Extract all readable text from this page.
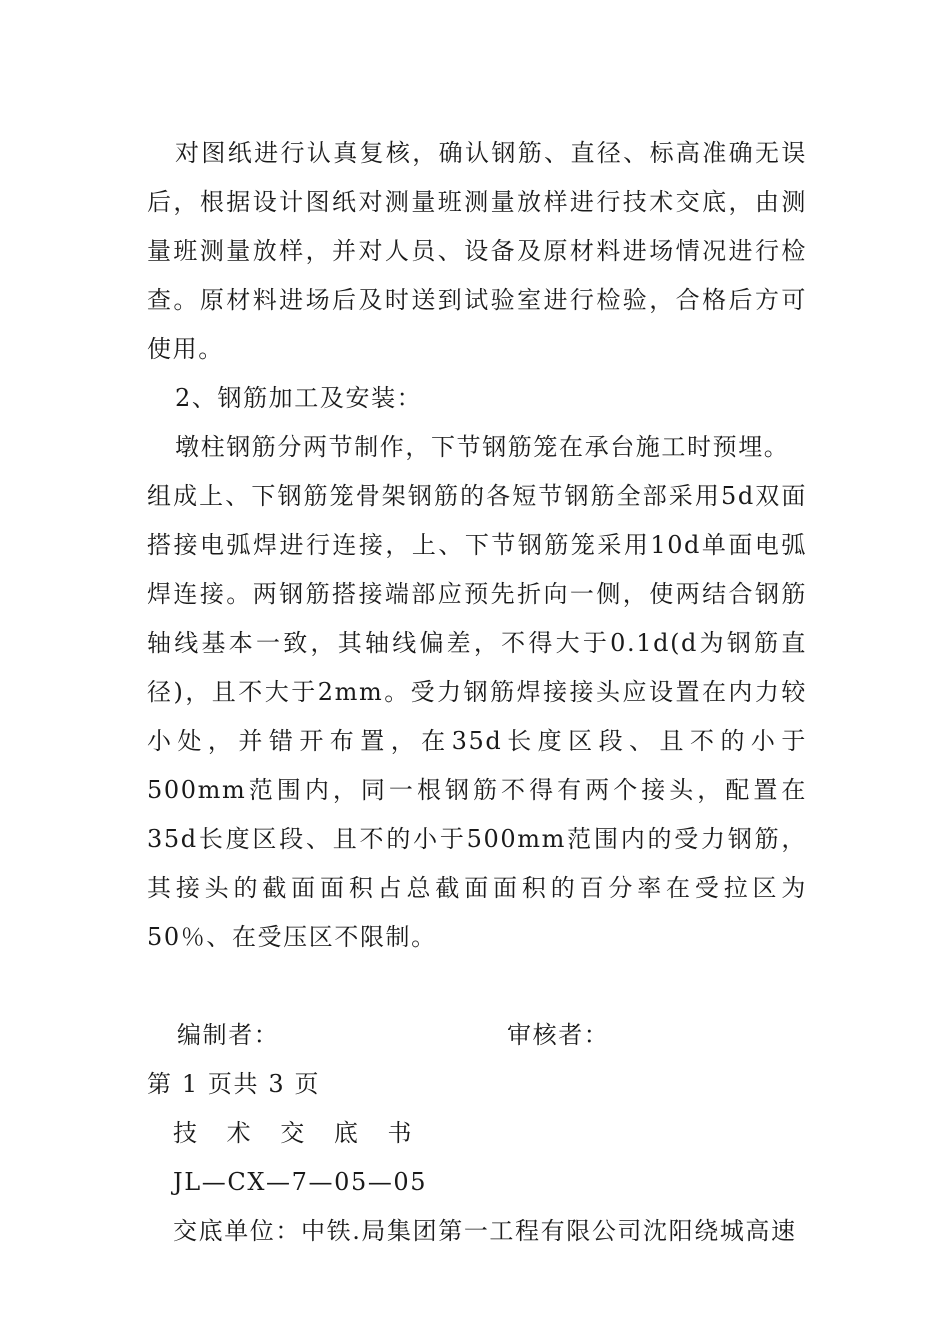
对图纸进行认真复核，确认钢筋、直径、标高准确无误后，根据设计图纸对测量班测量放样进行技术交底，由测量班测量放样，并对人员、设备及原材料进场情况进行检查。原材料进场后及时送到试验室进行检验，合格后方可使用。

2、钢筋加工及安装：

墩柱钢筋分两节制作，下节钢筋笼在承台施工时预埋。

组成上、下钢筋笼骨架钢筋的各短节钢筋全部采用5d双面搭接电弧焊进行连接，上、下节钢筋笼采用10d单面电弧焊连接。两钢筋搭接端部应预先折向一侧，使两结合钢筋轴线基本一致，其轴线偏差，不得大于0.1d(d为钢筋直径)，且不大于2mm。受力钢筋焊接接头应设置在内力较小处，并错开布置，在35d长度区段、且不的小于500mm范围内，同一根钢筋不得有两个接头，配置在35d长度区段、且不的小于500mm范围内的受力钢筋，其接头的截面面积占总截面面积的百分率在受拉区为50％、在受压区不限制。

编制者：	审核者：
第 1 页共 3 页
技 术 交 底 书
JL—CX—7—05—05
交底单位：中铁.局集团第一工程有限公司沈阳绕城高速
